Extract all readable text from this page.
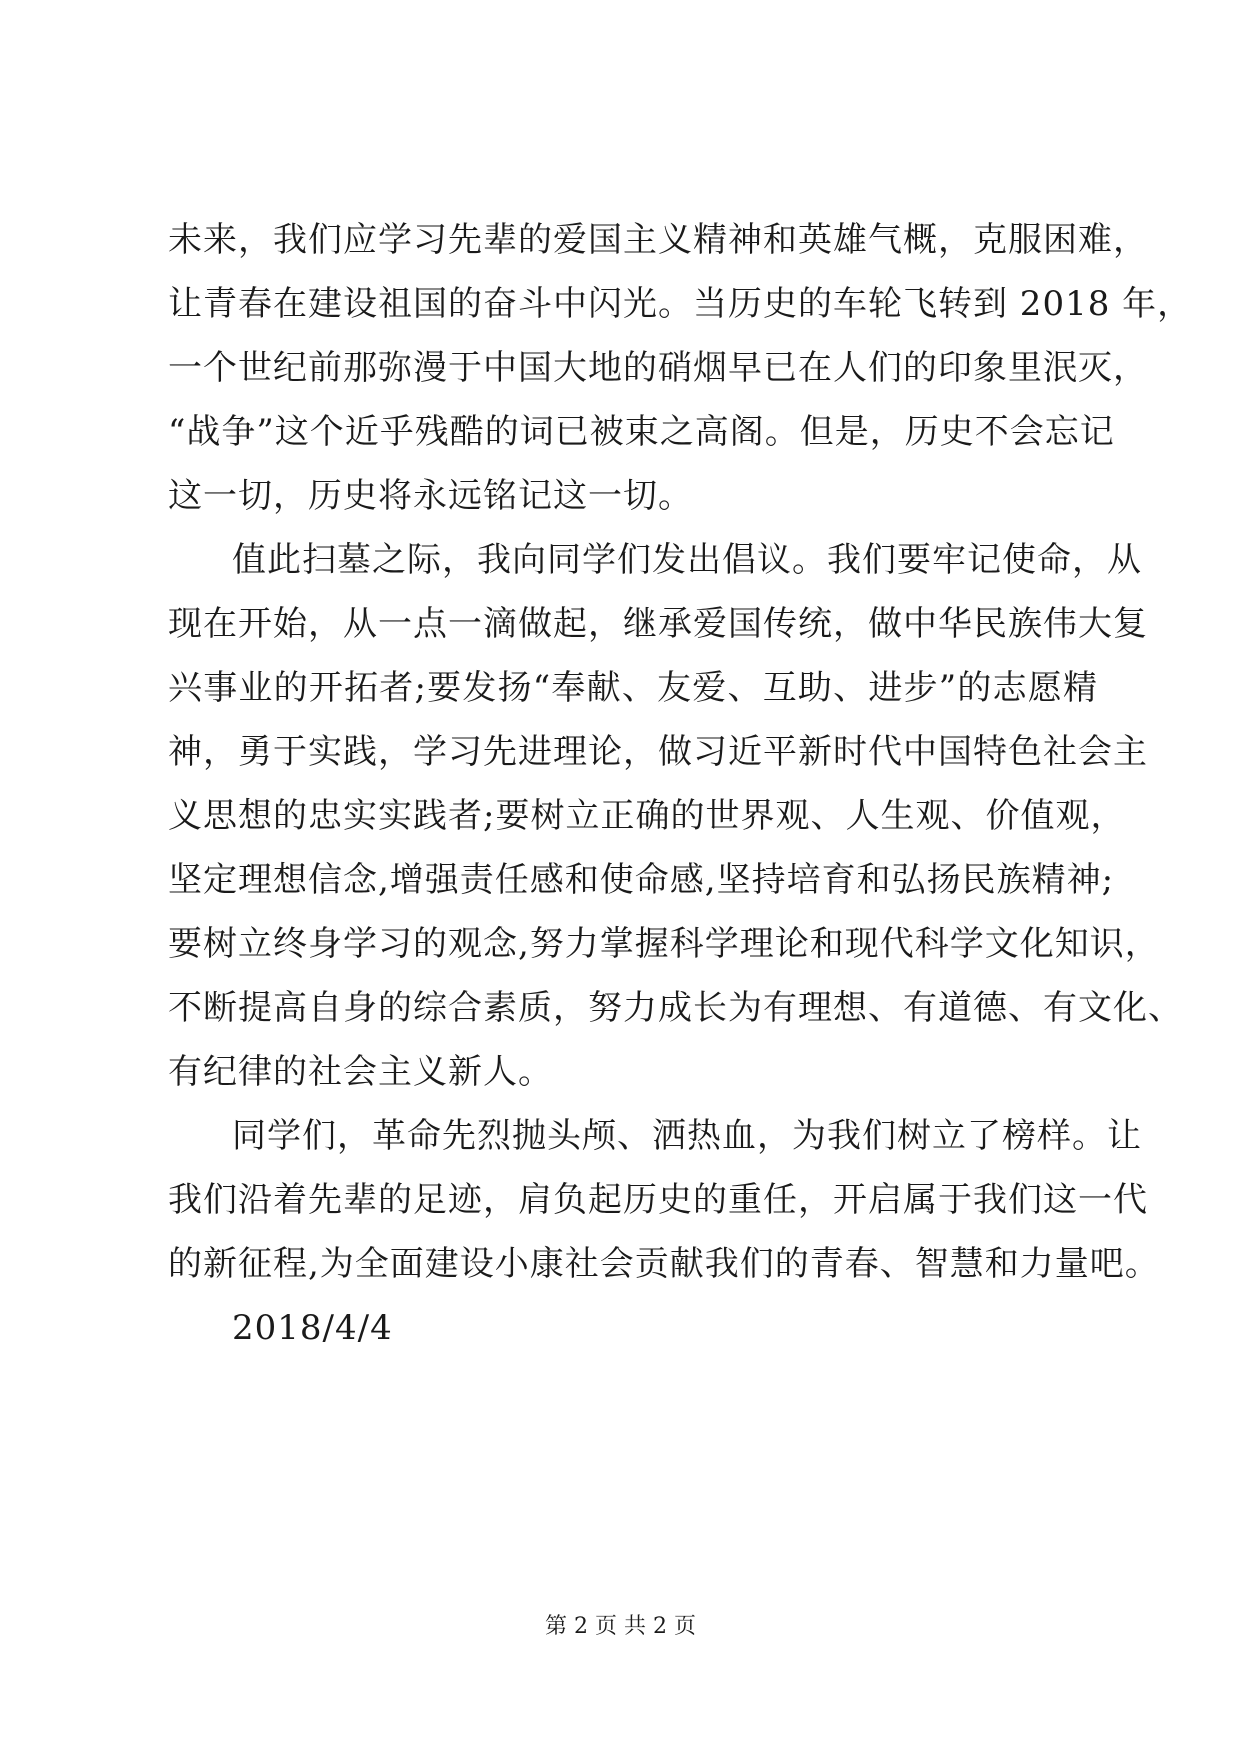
未来，我们应学习先辈的爱国主义精神和英雄气概，克服困难，
让青春在建设祖国的奋斗中闪光。当历史的车轮飞转到 2018 年，
一个世纪前那弥漫于中国大地的硝烟早已在人们的印象里泯灭，
“战争”这个近乎残酷的词已被束之高阁。但是，历史不会忘记
这一切，历史将永远铭记这一切。
值此扫墓之际，我向同学们发出倡议。我们要牢记使命，从
现在开始，从一点一滴做起，继承爱国传统，做中华民族伟大复
兴事业的开拓者;要发扬“奉献、友爱、互助、进步”的志愿精
神，勇于实践，学习先进理论，做习近平新时代中国特色社会主
义思想的忠实实践者;要树立正确的世界观、人生观、价值观，
坚定理想信念,增强责任感和使命感,坚持培育和弘扬民族精神;
要树立终身学习的观念,努力掌握科学理论和现代科学文化知识，
不断提高自身的综合素质，努力成长为有理想、有道德、有文化、
有纪律的社会主义新人。
同学们，革命先烈抛头颅、洒热血，为我们树立了榜样。让
我们沿着先辈的足迹，肩负起历史的重任，开启属于我们这一代
的新征程,为全面建设小康社会贡献我们的青春、智慧和力量吧。
2018/4/4
第 2 页 共 2 页
